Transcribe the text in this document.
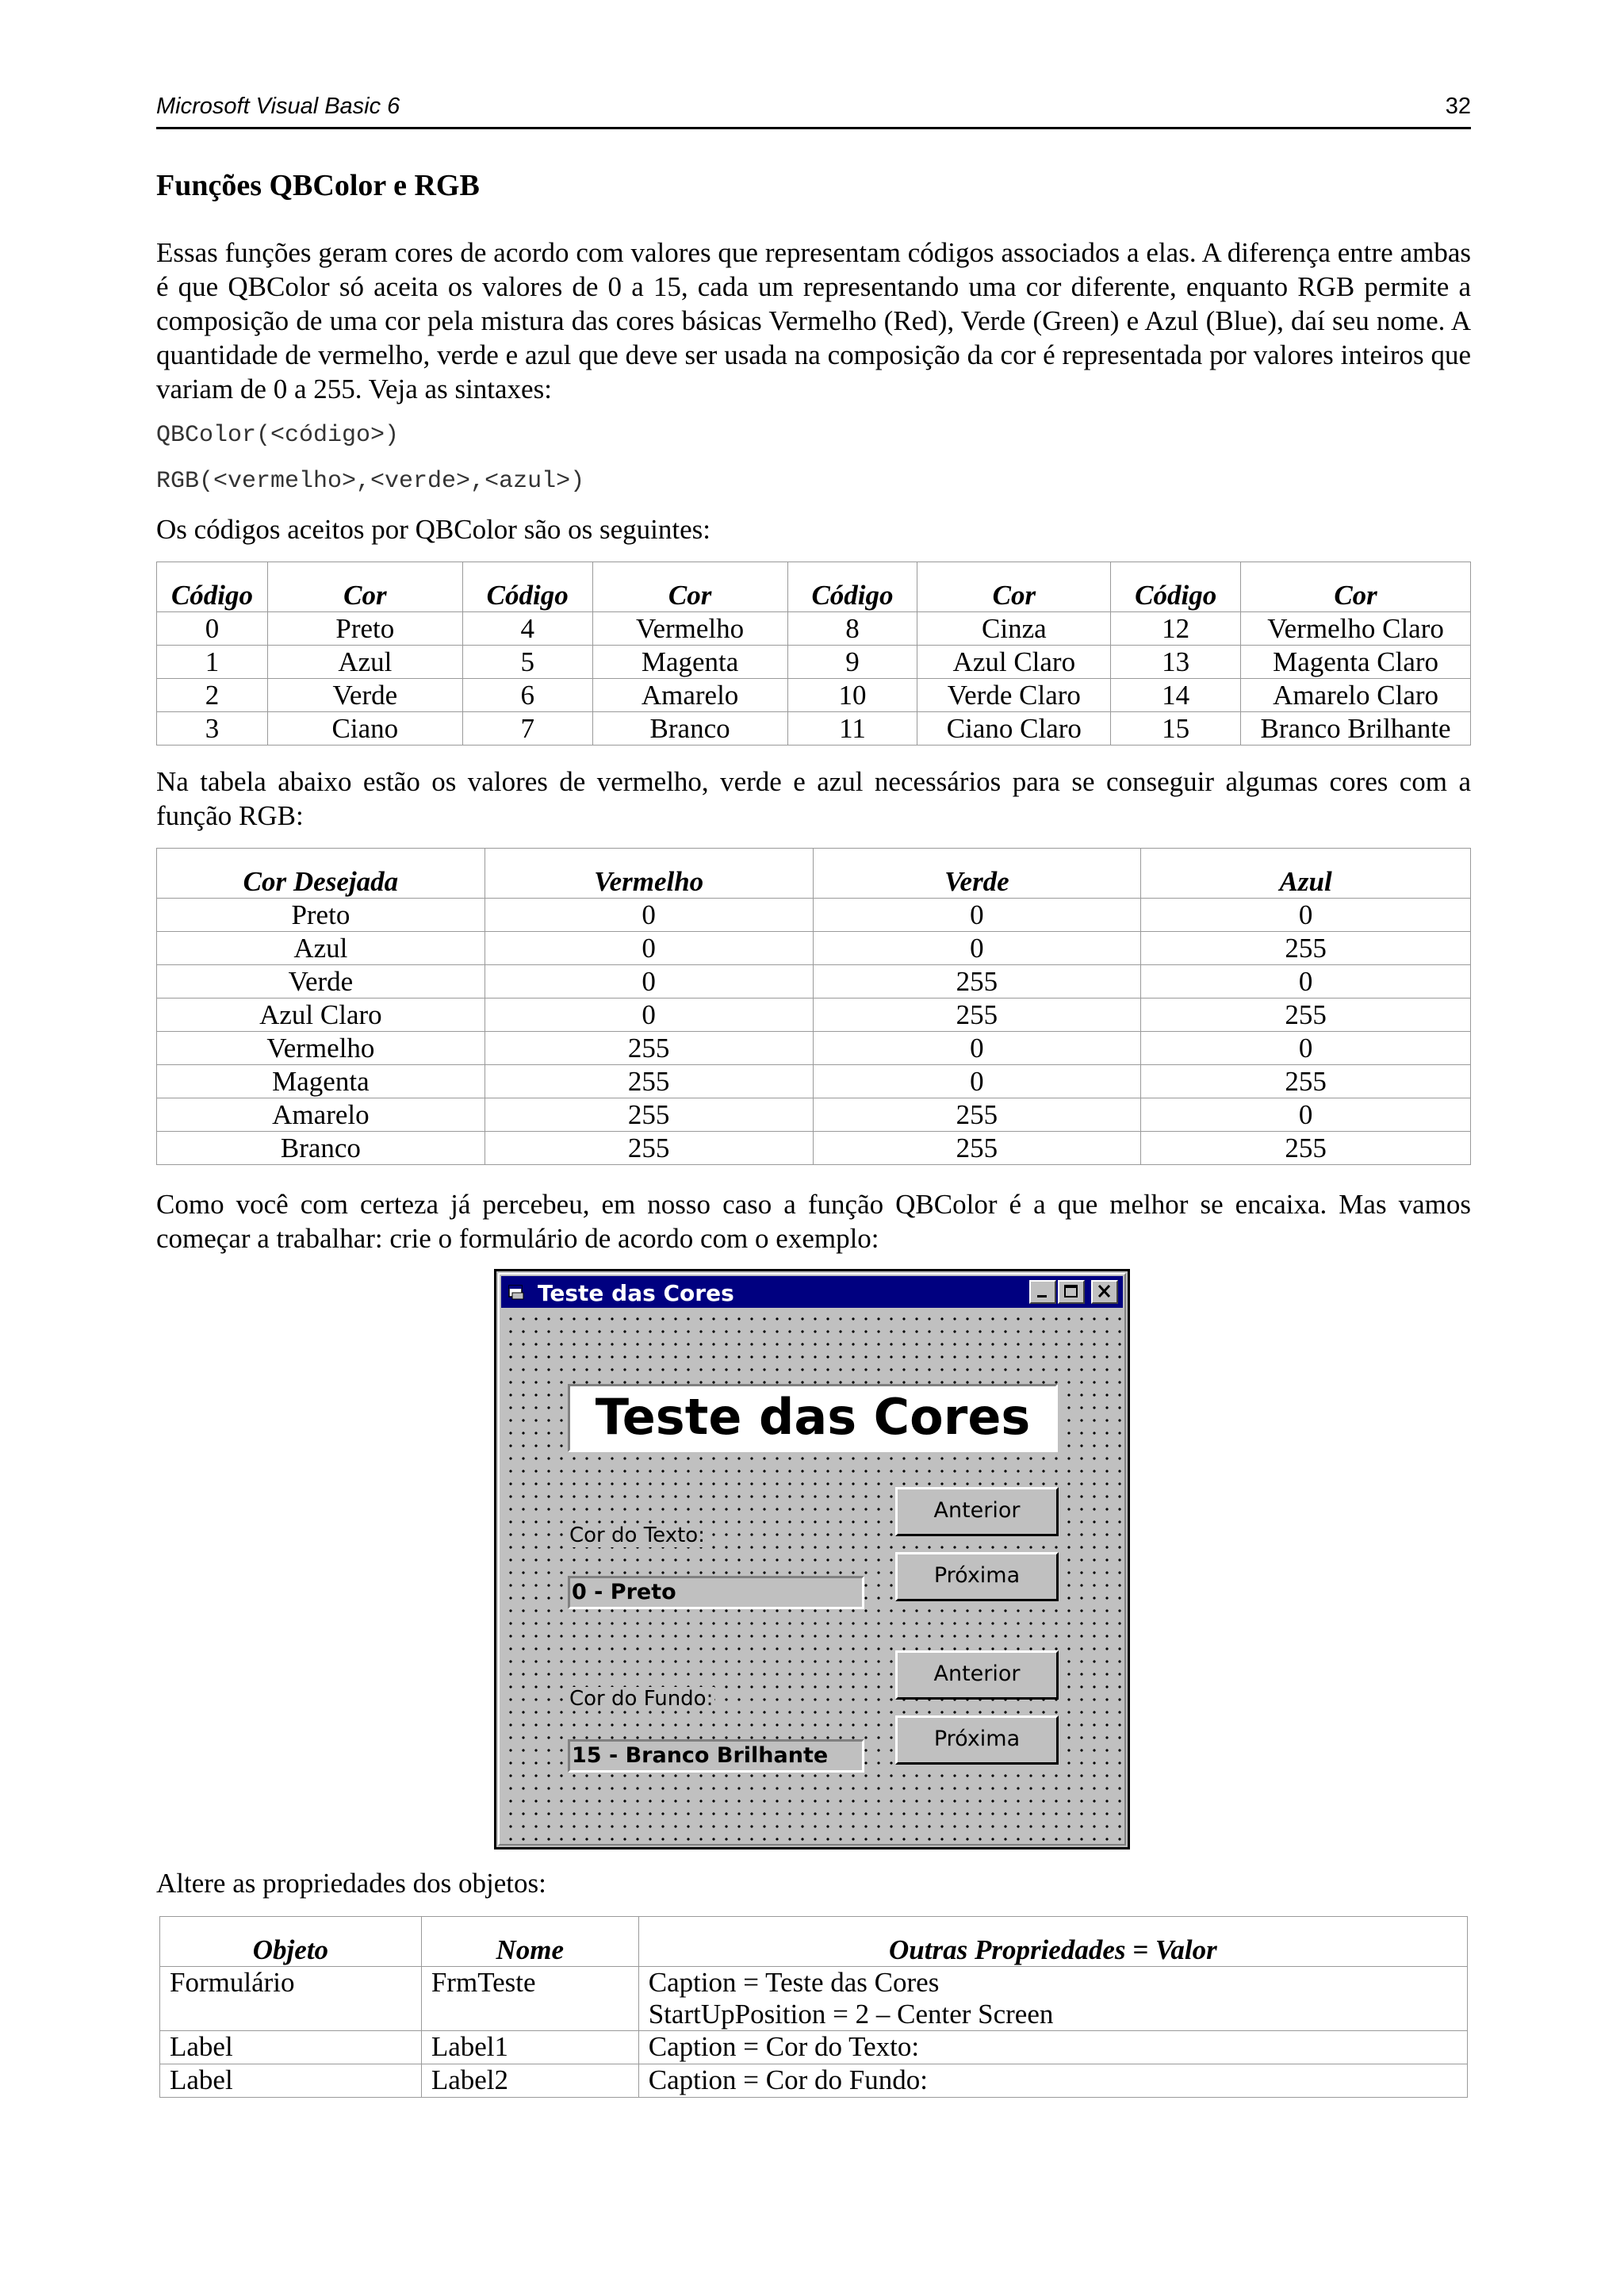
Microsoft Visual Basic 6	32
Funções QBColor e RGB

Essas funções geram cores de acordo com valores que representam códigos associados a elas. A diferença entre ambas é que QBColor só aceita os valores de 0 a 15, cada um representando uma cor diferente, enquanto RGB permite a composição de uma cor pela mistura das cores básicas Vermelho (Red), Verde (Green) e Azul (Blue), daí seu nome. A quantidade de vermelho, verde e azul que deve ser usada na composição da cor é representada por valores inteiros que variam de 0 a 255. Veja as sintaxes:

QBColor(<código>)
RGB(<vermelho>,<verde>,<azul>)

Os códigos aceitos por QBColor são os seguintes:

Código	Cor	Código	Cor	Código	Cor	Código	Cor
0	Preto	4	Vermelho	8	Cinza	12	Vermelho Claro
1	Azul	5	Magenta	9	Azul Claro	13	Magenta Claro
2	Verde	6	Amarelo	10	Verde Claro	14	Amarelo Claro
3	Ciano	7	Branco	11	Ciano Claro	15	Branco Brilhante

Na tabela abaixo estão os valores de vermelho, verde e azul necessários para se conseguir algumas cores com a função RGB:

Cor Desejada	Vermelho	Verde	Azul
Preto	0	0	0
Azul	0	0	255
Verde	0	255	0
Azul Claro	0	255	255
Vermelho	255	0	0
Magenta	255	0	255
Amarelo	255	255	0
Branco	255	255	255

Como você com certeza já percebeu, em nosso caso a função QBColor é a que melhor se encaixa. Mas vamos começar a trabalhar: crie o formulário de acordo com o exemplo:

Teste das Cores
Teste das Cores
Cor do Texto:
0 - Preto
Anterior
Próxima
Cor do Fundo:
15 - Branco Brilhante
Anterior
Próxima

Altere as propriedades dos objetos:

Objeto	Nome	Outras Propriedades = Valor
Formulário	FrmTeste	Caption = Teste das Cores
StartUpPosition = 2 – Center Screen

Label	Label1	Caption = Cor do Texto:
Label	Label2	Caption = Cor do Fundo:
